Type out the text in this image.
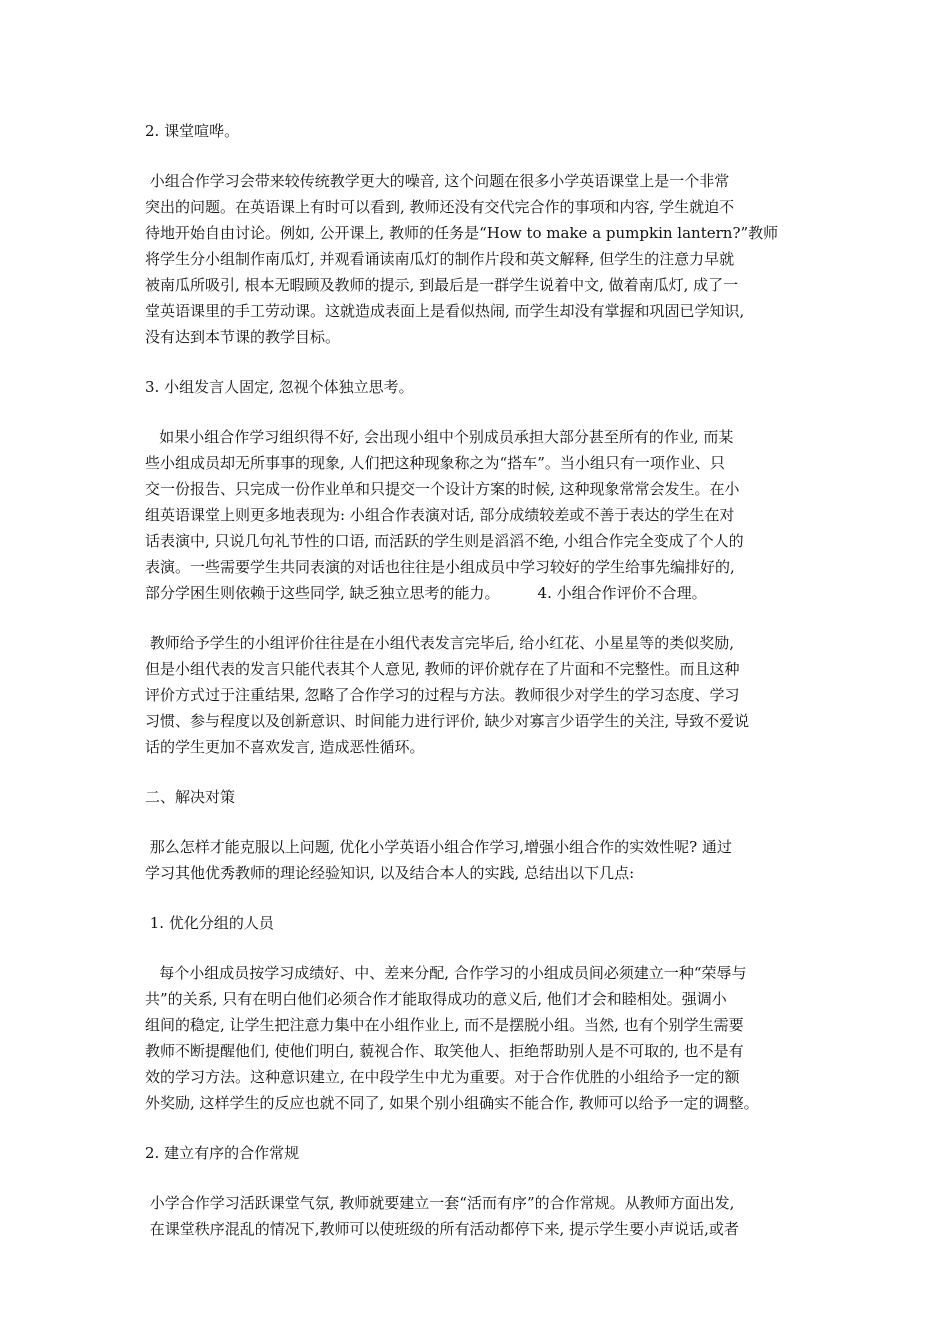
2. 课堂喧哗。
小组合作学习会带来较传统教学更大的噪音, 这个问题在很多小学英语课堂上是一个非常
突出的问题。在英语课上有时可以看到, 教师还没有交代完合作的事项和内容, 学生就迫不
待地开始自由讨论。例如, 公开课上, 教师的任务是“How to make a pumpkin lantern?”教师
将学生分小组制作南瓜灯, 并观看诵读南瓜灯的制作片段和英文解释, 但学生的注意力早就
被南瓜所吸引, 根本无暇顾及教师的提示, 到最后是一群学生说着中文, 做着南瓜灯, 成了一
堂英语课里的手工劳动课。这就造成表面上是看似热闹, 而学生却没有掌握和巩固已学知识,
没有达到本节课的教学目标。
3. 小组发言人固定, 忽视个体独立思考。
如果小组合作学习组织得不好, 会出现小组中个别成员承担大部分甚至所有的作业, 而某
些小组成员却无所事事的现象, 人们把这种现象称之为“搭车”。当小组只有一项作业、只
交一份报告、只完成一份作业单和只提交一个设计方案的时候, 这种现象常常会发生。在小
组英语课堂上则更多地表现为: 小组合作表演对话, 部分成绩较差或不善于表达的学生在对
话表演中, 只说几句礼节性的口语, 而活跃的学生则是滔滔不绝, 小组合作完全变成了个人的
表演。一些需要学生共同表演的对话也往往是小组成员中学习较好的学生给事先编排好的,
部分学困生则依赖于这些同学, 缺乏独立思考的能力。	4. 小组合作评价不合理。
教师给予学生的小组评价往往是在小组代表发言完毕后, 给小红花、小星星等的类似奖励,
但是小组代表的发言只能代表其个人意见, 教师的评价就存在了片面和不完整性。而且这种
评价方式过于注重结果, 忽略了合作学习的过程与方法。教师很少对学生的学习态度、学习
习惯、参与程度以及创新意识、时间能力进行评价, 缺少对寡言少语学生的关注, 导致不爱说
话的学生更加不喜欢发言, 造成恶性循环。
二、解决对策
那么怎样才能克服以上问题, 优化小学英语小组合作学习,增强小组合作的实效性呢? 通过
学习其他优秀教师的理论经验知识, 以及结合本人的实践, 总结出以下几点:
1. 优化分组的人员
每个小组成员按学习成绩好、中、差来分配, 合作学习的小组成员间必须建立一种“荣辱与
共”的关系, 只有在明白他们必须合作才能取得成功的意义后, 他们才会和睦相处。强调小
组间的稳定, 让学生把注意力集中在小组作业上, 而不是摆脱小组。当然, 也有个别学生需要
教师不断提醒他们, 使他们明白, 藐视合作、取笑他人、拒绝帮助别人是不可取的, 也不是有
效的学习方法。这种意识建立, 在中段学生中尤为重要。对于合作优胜的小组给予一定的额
外奖励, 这样学生的反应也就不同了, 如果个别小组确实不能合作, 教师可以给予一定的调整。
2. 建立有序的合作常规
小学合作学习活跃课堂气氛, 教师就要建立一套“活而有序”的合作常规。从教师方面出发,
在课堂秩序混乱的情况下,教师可以使班级的所有活动都停下来, 提示学生要小声说话,或者
